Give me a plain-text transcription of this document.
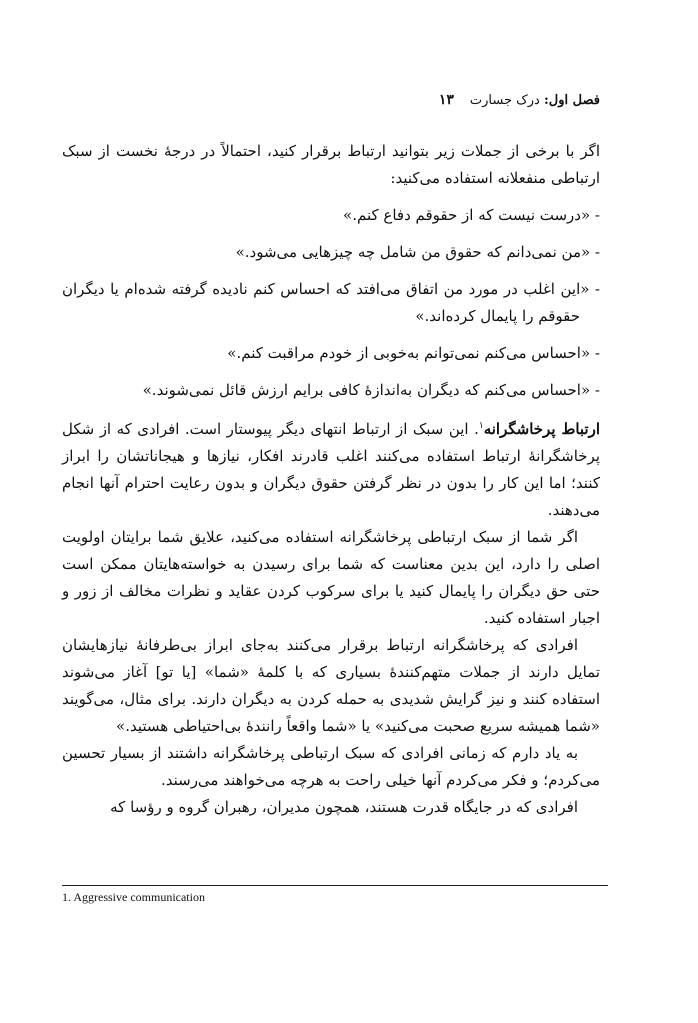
فصل اول: درک جسارت
۱۳

اگر با برخی از جملات زیر بتوانید ارتباط برقرار کنید، احتمالاً در درجۀ نخست از سبک ارتباطی منفعلانه استفاده می‌کنید:

- «درست نیست که از حقوقم دفاع کنم.»

- «من نمی‌دانم که حقوق من شامل چه چیزهایی می‌شود.»

- «این اغلب در مورد من اتفاق می‌افتد که احساس کنم نادیده گرفته شده‌ام یا دیگران حقوقم را پایمال کرده‌اند.»

- «احساس می‌کنم نمی‌توانم به‌خوبی از خودم مراقبت کنم.»

- «احساس می‌کنم که دیگران به‌اندازۀ کافی برایم ارزش قائل نمی‌شوند.»

ارتباط پرخاشگرانه$^۱$. این سبک از ارتباط انتهای دیگر پیوستار است. افرادی که از شکل پرخاشگرانۀ ارتباط استفاده می‌کنند اغلب قادرند افکار، نیازها و هیجاناتشان را ابراز کنند؛ اما این کار را بدون در نظر گرفتن حقوق دیگران و بدون رعایت احترام آنها انجام می‌دهند.

اگر شما از سبک ارتباطی پرخاشگرانه استفاده می‌کنید، علایق شما برایتان اولویت اصلی را دارد، این بدین معناست که شما برای رسیدن به خواسته‌هایتان ممکن است حتی حق دیگران را پایمال کنید یا برای سرکوب کردن عقاید و نظرات مخالف از زور و اجبار استفاده کنید.

افرادی که پرخاشگرانه ارتباط برقرار می‌کنند به‌جای ابراز بی‌طرفانۀ نیازهایشان تمایل دارند از جملات متهم‌کنندۀ بسیاری که با کلمۀ «شما» [یا تو] آغاز می‌شوند استفاده کنند و نیز گرایش شدیدی به حمله کردن به دیگران دارند. برای مثال، می‌گویند «شما همیشه سریع صحبت می‌کنید» یا «شما واقعاً رانندۀ بی‌احتیاطی هستید.»

به یاد دارم که زمانی افرادی که سبک ارتباطی پرخاشگرانه داشتند از بسیار تحسین می‌کردم؛ و فکر می‌کردم آنها خیلی راحت به هرچه می‌خواهند می‌رسند.

افرادی که در جایگاه قدرت هستند، همچون مدیران، رهبران گروه و رؤسا که

1. Aggressive communication
